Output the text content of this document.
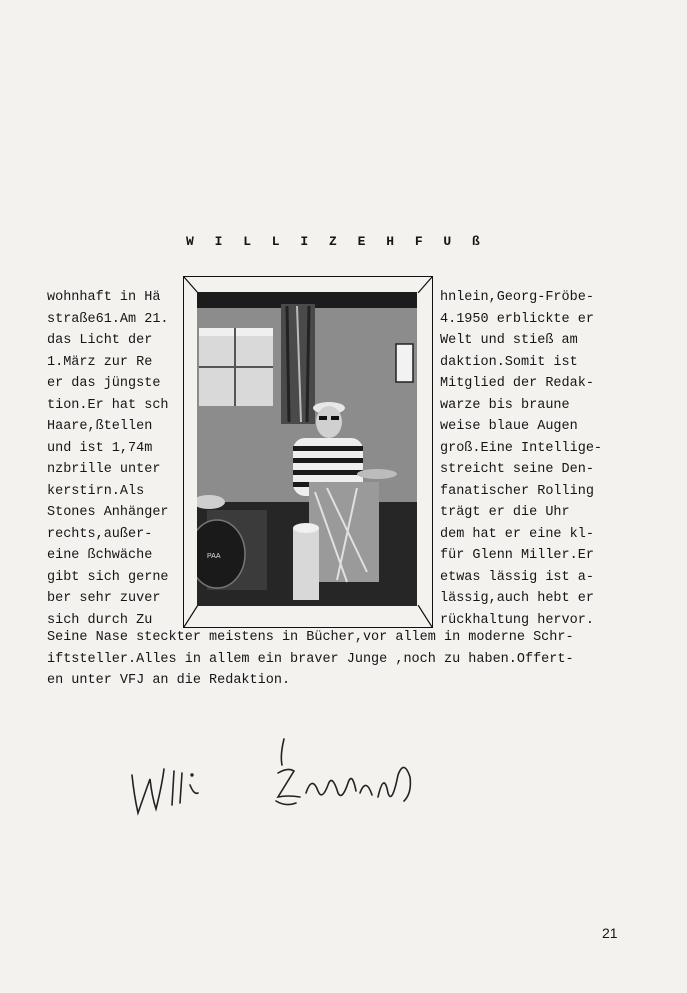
W I L L I Z E H F U ß
wohnhaft in Hä
straße61.Am 21.
das Licht der
1.März zur Re
er das jüngste
tion.Er hat sch
Haare,ßtellen
und ist 1,74m
nzbrille unter
kerstirn.Als
Stones Anhänger
rechts,außer-
eine ßchwäche
gibt sich gerne
ber sehr zuver
sich durch Zu
hnlein,Georg-Fröbe-
4.1950 erblickte er
Welt und stieß am
daktion.Somit ist
Mitglied der Redak-
warze bis braune
weise blaue Augen
groß.Eine Intellige-
streicht seine Den-
fanatischer Rolling
trägt er die Uhr
dem hat er eine kl-
für Glenn Miller.Er
etwas lässig ist a-
lässig,auch hebt er
rückhaltung hervor.
PAA
Seine Nase steckter meistens in Bücher,vor allem in moderne Schr-
iftsteller.Alles in allem ein braver Junge ,noch zu haben.Offert-
en unter VFJ an die Redaktion.
21
